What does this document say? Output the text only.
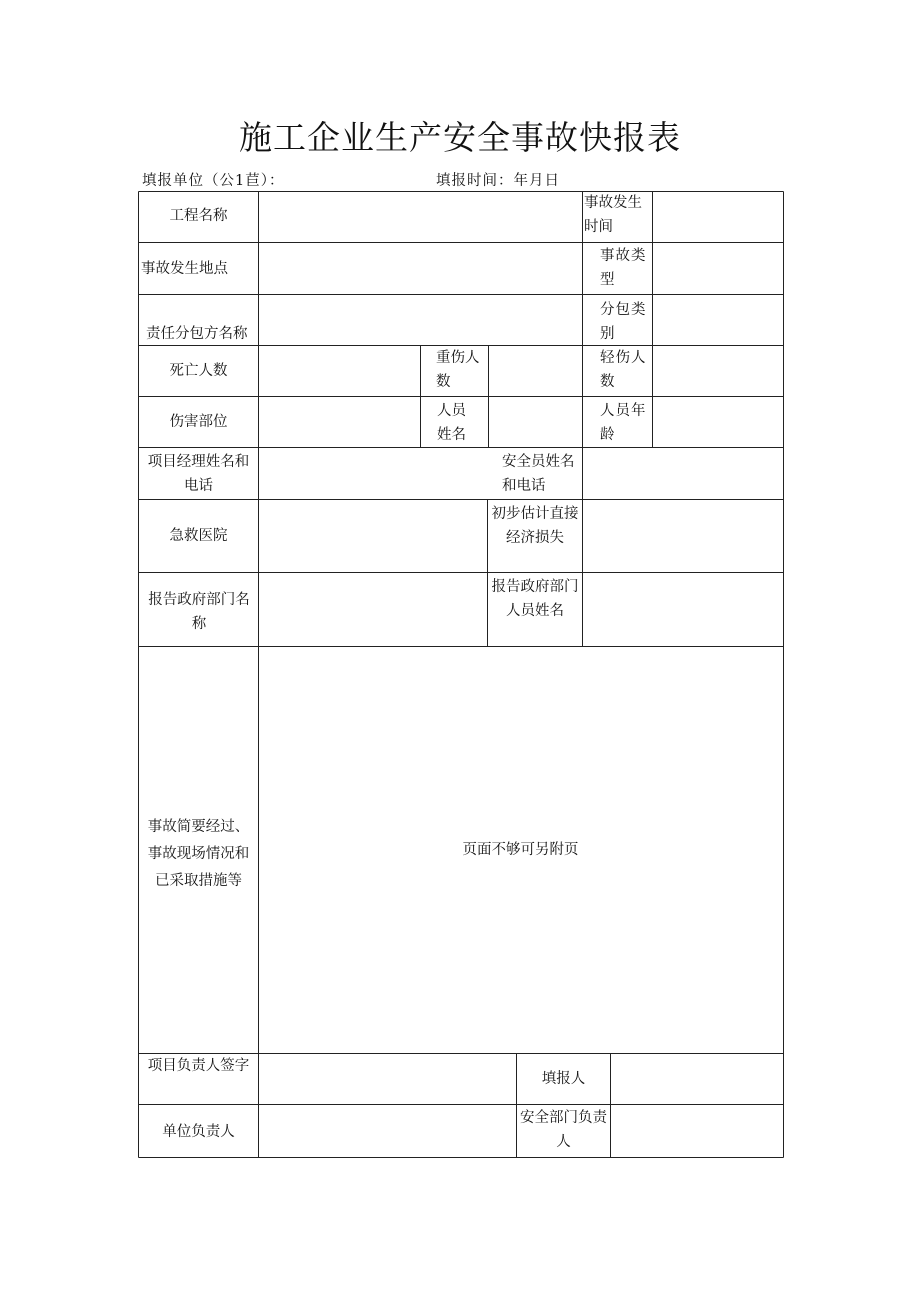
施工企业生产安全事故快报表
填报单位（公1苣）：	填报时间：年月日
工程名称
事故发生时间
事故发生地点
事故类型
责任分包方名称
分包类别
死亡人数
重伤人数
轻伤人数
伤害部位
人员姓名
人员年龄
项目经理姓名和电话
安全员姓名和电话
急救医院
初步估计直接经济损失
报告政府部门名称
报告政府部门人员姓名
事故简要经过、事故现场情况和已采取措施等
页面不够可另附页
项目负责人签字
填报人
单位负责人
安全部门负责人
